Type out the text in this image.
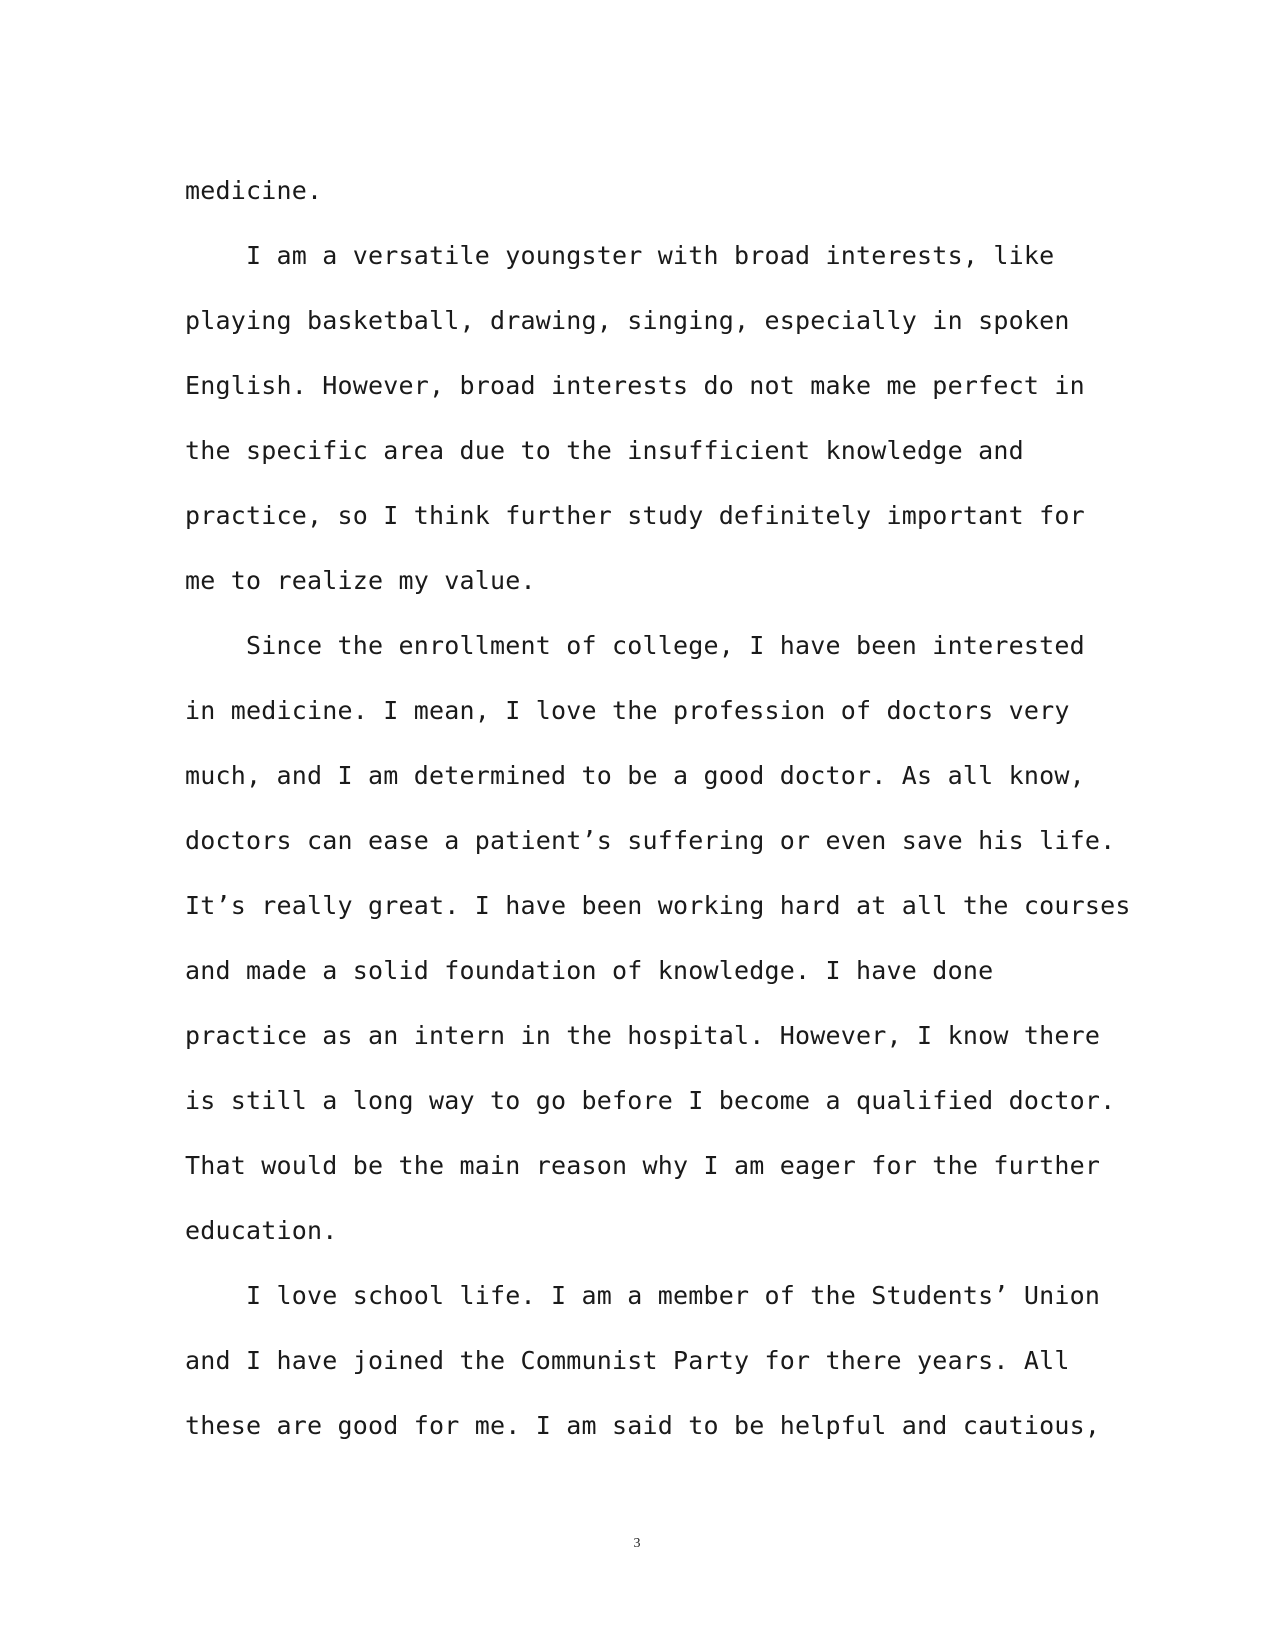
medicine.
I am a versatile youngster with broad interests, like
playing basketball, drawing, singing, especially in spoken
English. However, broad interests do not make me perfect in
the specific area due to the insufficient knowledge and
practice, so I think further study definitely important for
me to realize my value.
Since the enrollment of college, I have been interested
in medicine. I mean, I love the profession of doctors very
much, and I am determined to be a good doctor. As all know,
doctors can ease a patient’s suffering or even save his life.
It’s really great. I have been working hard at all the courses
and made a solid foundation of knowledge. I have done
practice as an intern in the hospital. However, I know there
is still a long way to go before I become a qualified doctor.
That would be the main reason why I am eager for the further
education.
I love school life. I am a member of the Students’ Union
and I have joined the Communist Party for there years. All
these are good for me. I am said to be helpful and cautious,
3
